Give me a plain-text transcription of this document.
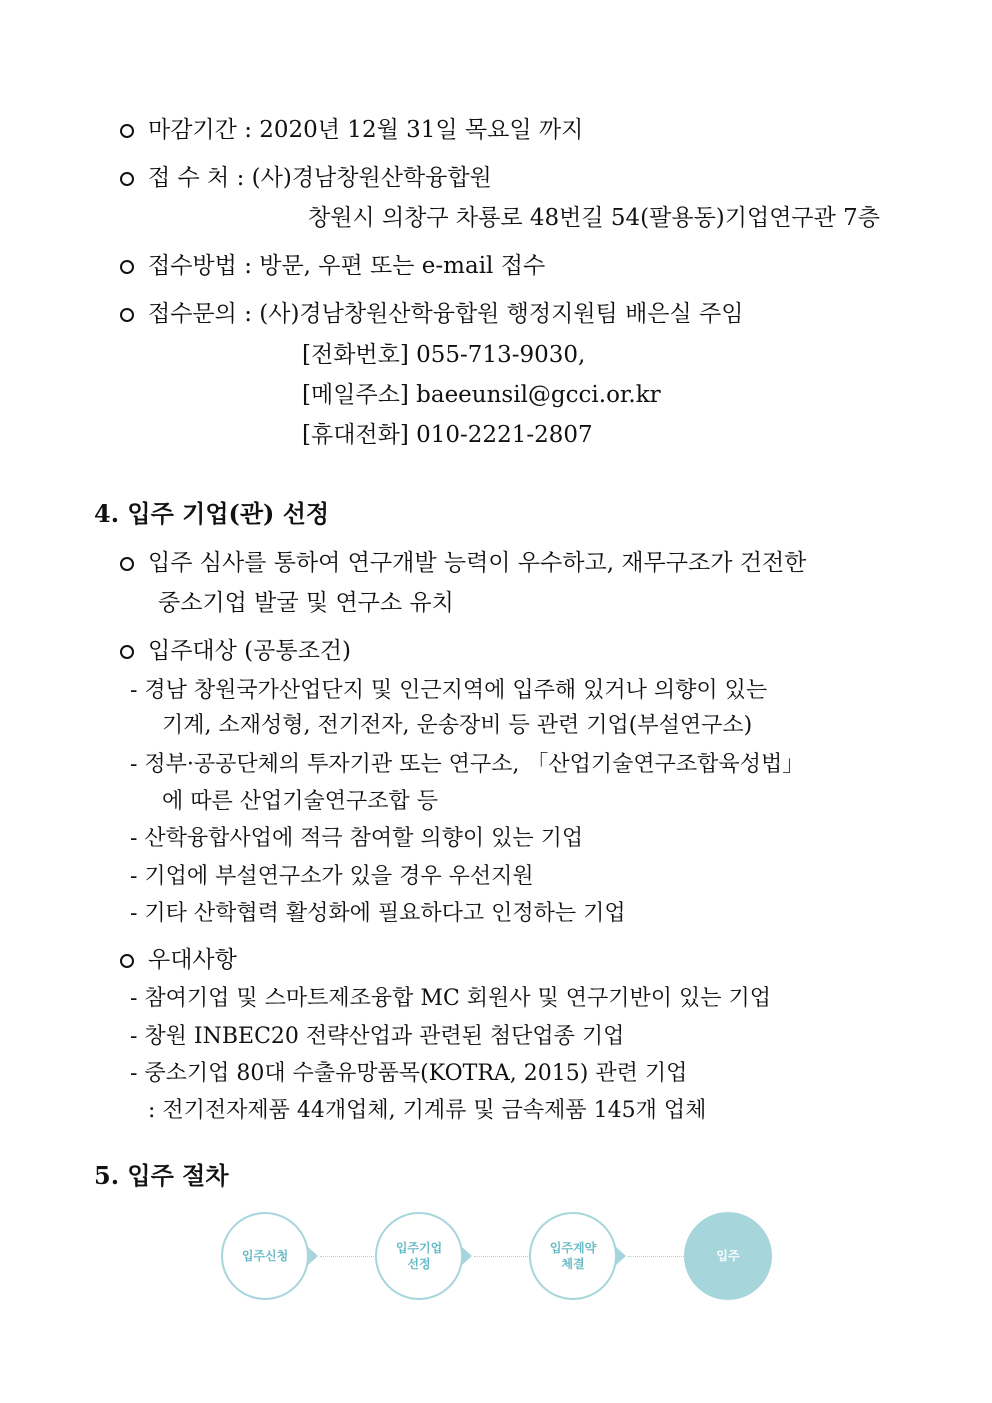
마감기간 : 2020년 12월 31일 목요일 까지
접 수 처 : (사)경남창원산학융합원
창원시 의창구 차룡로 48번길 54(팔용동)기업연구관 7층
접수방법 : 방문, 우편 또는 e-mail 접수
접수문의 : (사)경남창원산학융합원 행정지원팀 배은실 주임
[전화번호] 055-713-9030,
[메일주소] baeeunsil@gcci.or.kr
[휴대전화] 010-2221-2807
4. 입주 기업(관) 선정
입주 심사를 통하여 연구개발 능력이 우수하고, 재무구조가 건전한
중소기업 발굴 및 연구소 유치
입주대상 (공통조건)
- 경남 창원국가산업단지 및 인근지역에 입주해 있거나 의향이 있는
기계, 소재성형, 전기전자, 운송장비 등 관련 기업(부설연구소)
- 정부·공공단체의 투자기관 또는 연구소, 「산업기술연구조합육성법」
에 따른 산업기술연구조합 등
- 산학융합사업에 적극 참여할 의향이 있는 기업
- 기업에 부설연구소가 있을 경우 우선지원
- 기타 산학협력 활성화에 필요하다고 인정하는 기업
우대사항
- 참여기업 및 스마트제조융합 MC 회원사 및 연구기반이 있는 기업
- 창원 INBEC20 전략산업과 관련된 첨단업종 기업
- 중소기업 80대 수출유망품목(KOTRA, 2015) 관련 기업
: 전기전자제품 44개업체, 기계류 및 금속제품 145개 업체
5. 입주 절차
입주신청
입주기업
선정
입주계약
체결
입주
